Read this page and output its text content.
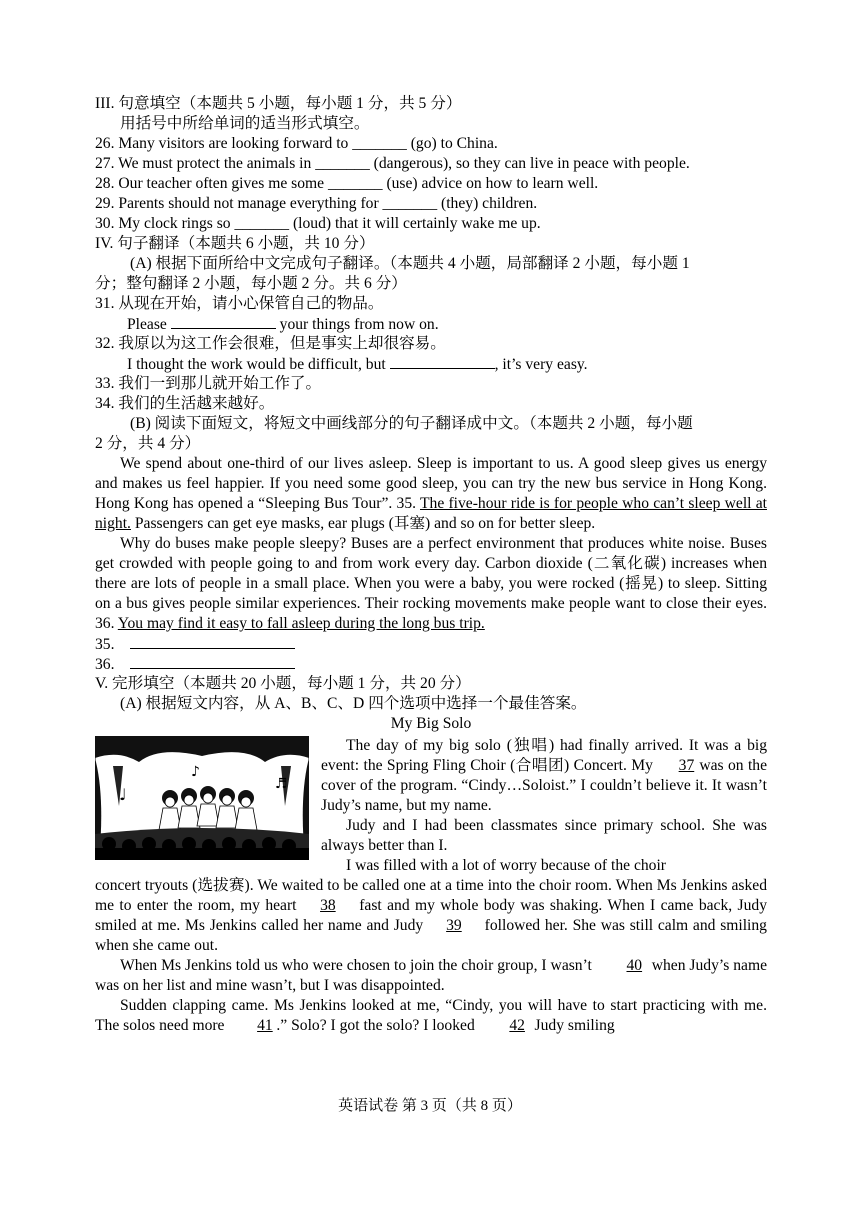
III. 句意填空（本题共 5 小题，每小题 1 分，共 5 分）
用括号中所给单词的适当形式填空。
26. Many visitors are looking forward to _______ (go) to China.
27. We must protect the animals in _______ (dangerous), so they can live in peace with people.
28. Our teacher often gives me some _______ (use) advice on how to learn well.
29. Parents should not manage everything for _______ (they) children.
30. My clock rings so _______ (loud) that it will certainly wake me up.
IV. 句子翻译（本题共 6 小题，共 10 分）
(A) 根据下面所给中文完成句子翻译。（本题共 4 小题，局部翻译 2 小题，每小题 1
分；整句翻译 2 小题，每小题 2 分。共 6 分）
31. 从现在开始，请小心保管自己的物品。
Please	your things from now on.
32. 我原以为这工作会很难，但是事实上却很容易。
I thought the work would be difficult, but	, it’s very easy.
33. 我们一到那儿就开始工作了。
34. 我们的生活越来越好。
(B) 阅读下面短文，将短文中画线部分的句子翻译成中文。（本题共 2 小题，每小题
2 分，共 4 分）
We spend about one-third of our lives asleep. Sleep is important to us. A good sleep gives us energy and makes us feel happier. If you need some good sleep, you can try the new bus service in Hong Kong. Hong Kong has opened a “Sleeping Bus Tour”. 35. The five-hour ride is for people who can’t sleep well at night. Passengers can get eye masks, ear plugs (耳塞) and so on for better sleep.
Why do buses make people sleepy? Buses are a perfect environment that produces white noise. Buses get crowded with people going to and from work every day. Carbon dioxide (二氧化碳) increases when there are lots of people in a small place. When you were a baby, you were rocked (摇晃) to sleep. Sitting on a bus gives people similar experiences. Their rocking movements make people want to close their eyes. 36. You may find it easy to fall asleep during the long bus trip.
35.
36.
V. 完形填空（本题共 20 小题，每小题 1 分，共 20 分）
(A) 根据短文内容，从 A、B、C、D 四个选项中选择一个最佳答案。
My Big Solo
♪
♩
♬
The day of my big solo (独唱) had finally arrived. It was a big event: the Spring Fling Choir (合唱团) Concert. My 37 was on the cover of the program. “Cindy…Soloist.” I couldn’t believe it. It wasn’t Judy’s name, but my name.
Judy and I had been classmates since primary school. She was always better than I.
I was filled with a lot of worry because of the choir
concert tryouts (选拔赛). We waited to be called one at a time into the choir room. When Ms Jenkins asked me to enter the room, my heart 38 fast and my whole body was shaking. When I came back, Judy smiled at me. Ms Jenkins called her name and Judy 39 followed her. She was still calm and smiling when she came out.
When Ms Jenkins told us who were chosen to join the choir group, I wasn’t 40 when Judy’s name was on her list and mine wasn’t, but I was disappointed.
Sudden clapping came. Ms Jenkins looked at me, “Cindy, you will have to start practicing with me. The solos need more 41 .” Solo? I got the solo? I looked 42 Judy smiling
英语试卷 第 3 页（共 8 页）
